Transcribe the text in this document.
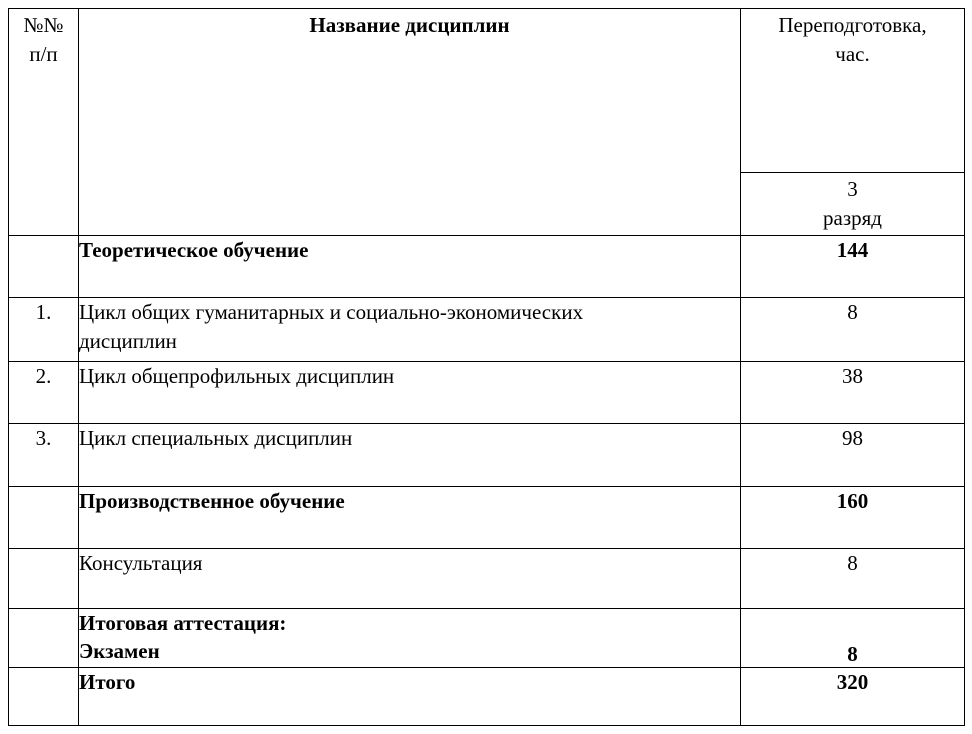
№№
п/п	Название дисциплин	Переподготовка,
час.

		3
разряд

	Теоретическое обучение	144
1.	Цикл общих гуманитарных и социально-экономических
дисциплин	8
2.	Цикл общепрофильных дисциплин	38
3.	Цикл специальных дисциплин	98

	Производственное обучение	160

	Консультация	8

	Итоговая аттестация:
Экзамен	8

	Итого	320
